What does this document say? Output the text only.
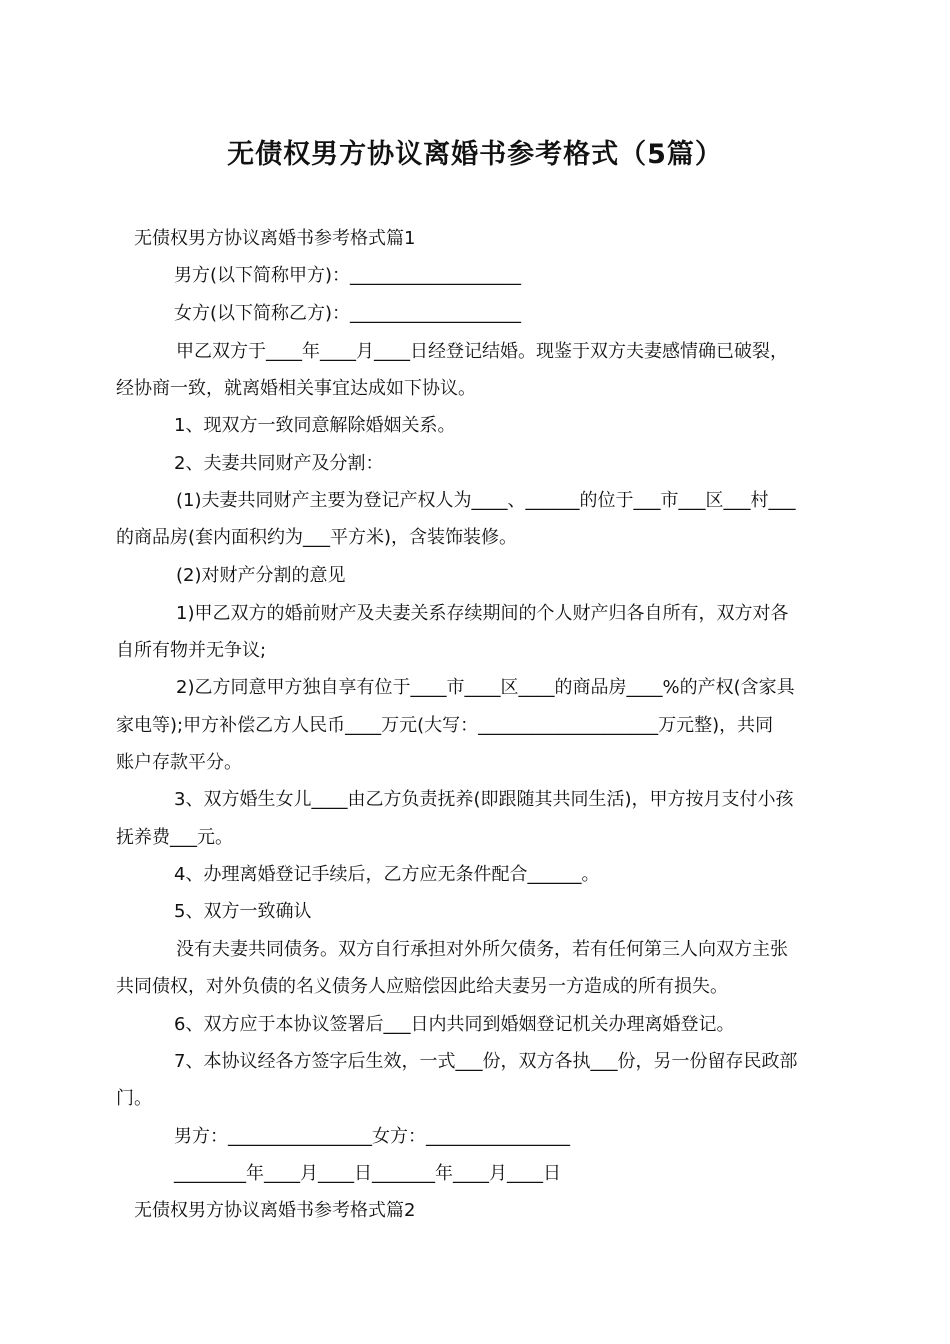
无债权男方协议离婚书参考格式（5篇）
无债权男方协议离婚书参考格式篇1
男方(以下简称甲方)：___________________
女方(以下简称乙方)：___________________
甲乙双方于____年____月____日经登记结婚。现鉴于双方夫妻感情确已破裂，
经协商一致，就离婚相关事宜达成如下协议。
1、现双方一致同意解除婚姻关系。
2、夫妻共同财产及分割：
(1)夫妻共同财产主要为登记产权人为____、______的位于___市___区___村___
的商品房(套内面积约为___平方米)，含装饰装修。
(2)对财产分割的意见
1)甲乙双方的婚前财产及夫妻关系存续期间的个人财产归各自所有，双方对各
自所有物并无争议;
2)乙方同意甲方独自享有位于____市____区____的商品房____%的产权(含家具
家电等);甲方补偿乙方人民币____万元(大写：____________________万元整)，共同
账户存款平分。
3、双方婚生女儿____由乙方负责抚养(即跟随其共同生活)，甲方按月支付小孩
抚养费___元。
4、办理离婚登记手续后，乙方应无条件配合______。
5、双方一致确认
没有夫妻共同债务。双方自行承担对外所欠债务，若有任何第三人向双方主张
共同债权，对外负债的名义债务人应赔偿因此给夫妻另一方造成的所有损失。
6、双方应于本协议签署后___日内共同到婚姻登记机关办理离婚登记。
7、本协议经各方签字后生效，一式___份，双方各执___份，另一份留存民政部
门。
男方：________________女方：________________
________年____月____日_______年____月____日
无债权男方协议离婚书参考格式篇2
